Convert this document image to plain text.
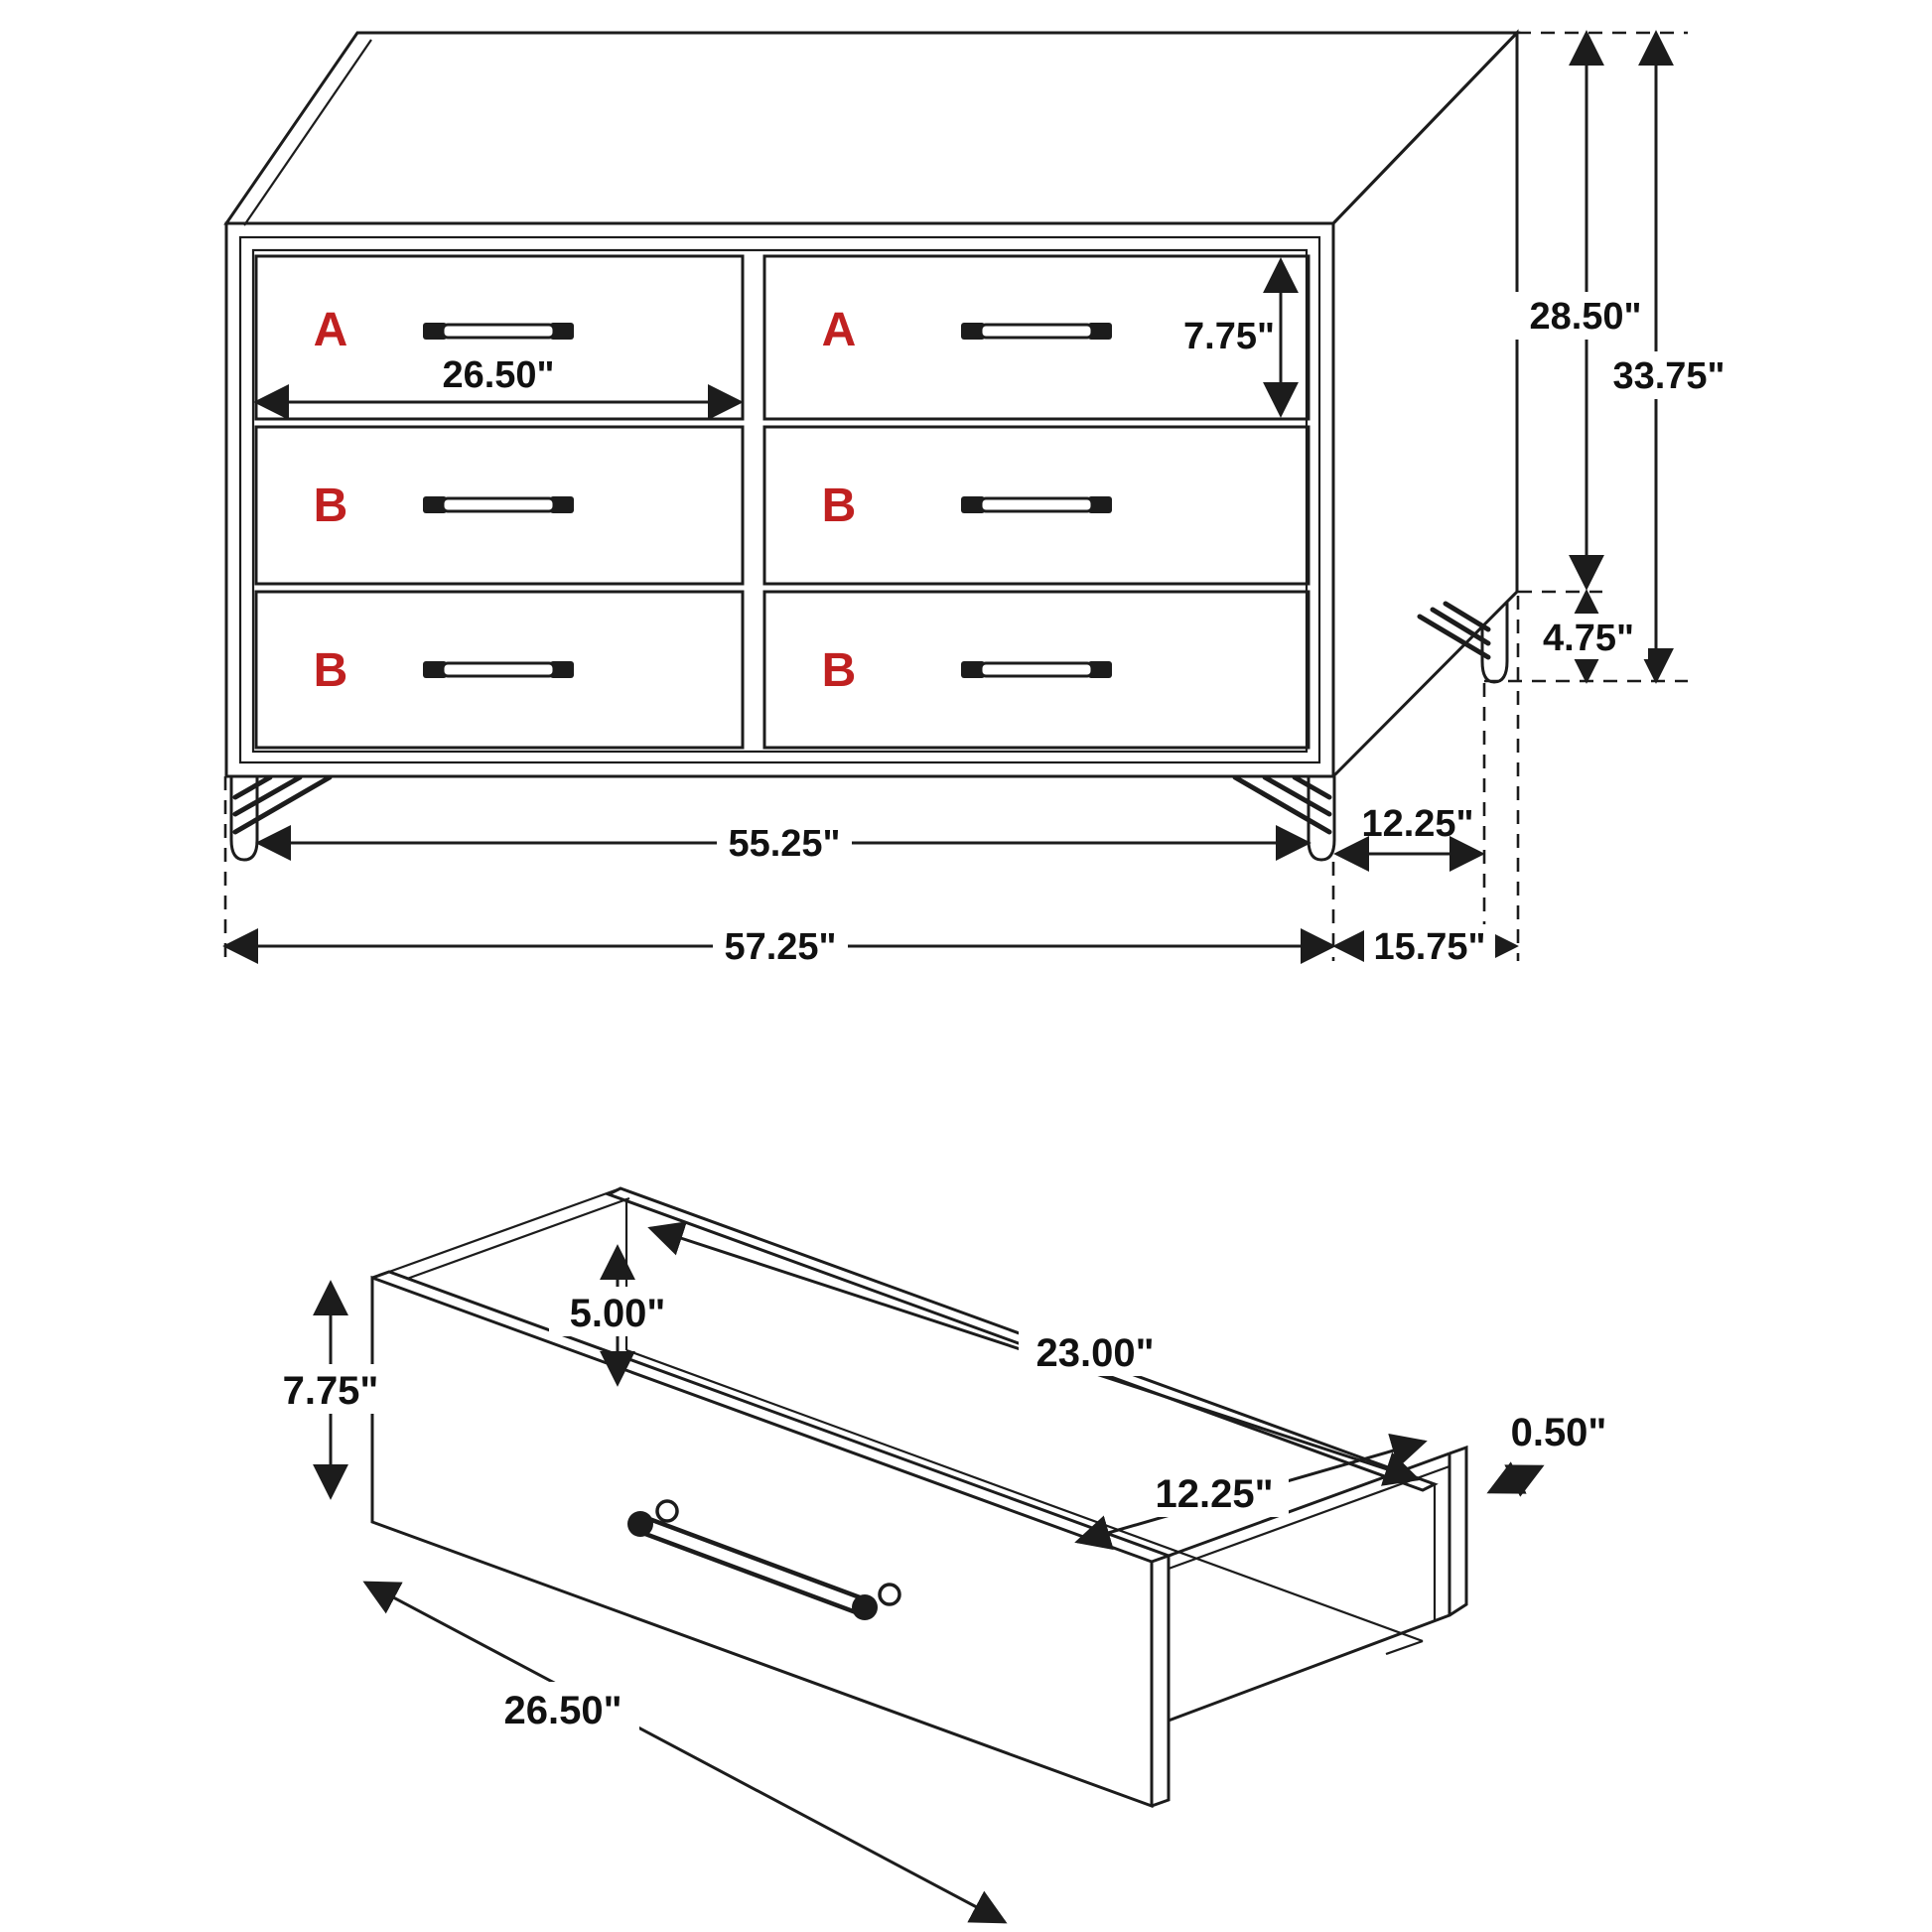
A	A
B	B
B	B
26.50"
7.75"	28.50"
33.75"
4.75"
55.25"
57.25"
12.25"
15.75"
7.75"
5.00"
23.00"
12.25"
0.50"
26.50"
